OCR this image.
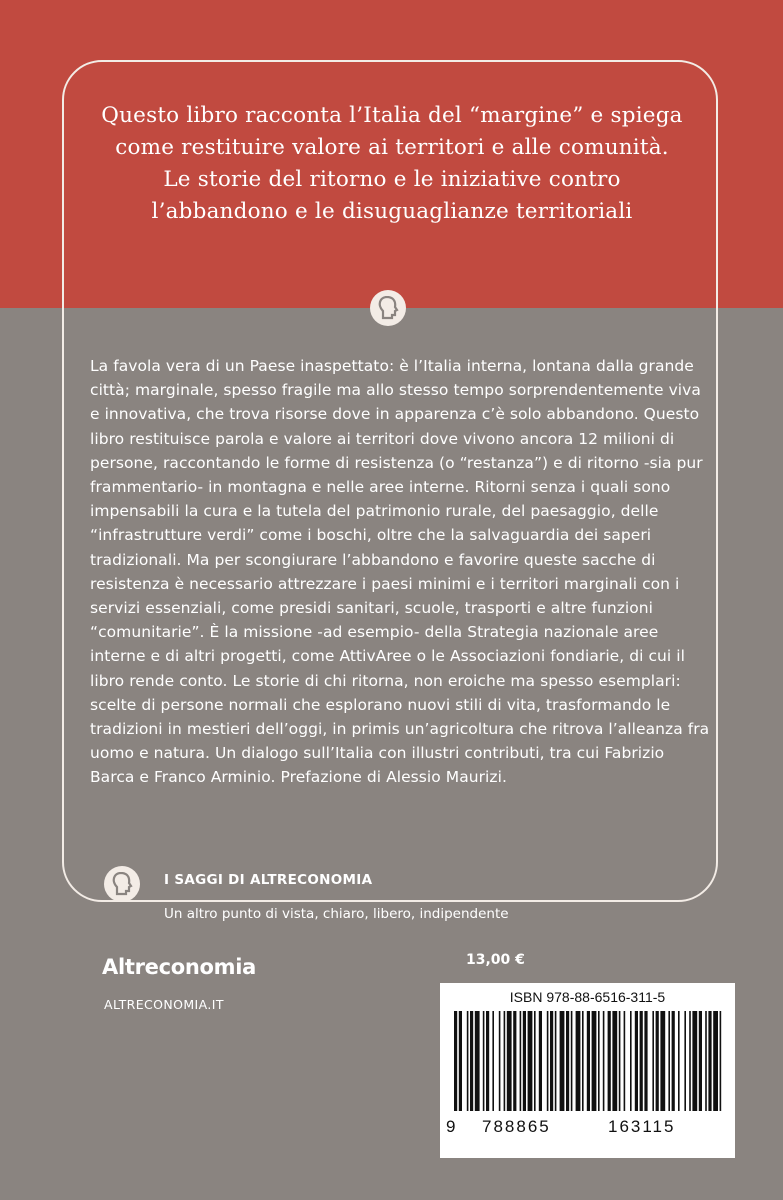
Questo libro racconta l’Italia del “margine” e spiega come restituire valore ai territori e alle comunità. Le storie del ritorno e le iniziative contro l’abbandono e le disuguaglianze territoriali
La favola vera di un Paese inaspettato: è l’Italia interna, lontana dalla grande città; marginale, spesso fragile ma allo stesso tempo sorprendentemente viva e innovativa, che trova risorse dove in apparenza c’è solo abbandono. Questo libro restituisce parola e valore ai territori dove vivono ancora 12 milioni di persone, raccontando le forme di resistenza (o “restanza”) e di ritorno -sia pur frammentario- in montagna e nelle aree interne. Ritorni senza i quali sono impensabili la cura e la tutela del patrimonio rurale, del paesaggio, delle “infrastrutture verdi” come i boschi, oltre che la salvaguardia dei saperi tradizionali. Ma per scongiurare l’abbandono e favorire queste sacche di resistenza è necessario attrezzare i paesi minimi e i territori marginali con i servizi essenziali, come presidi sanitari, scuole, trasporti e altre funzioni “comunitarie”. È la missione -ad esempio- della Strategia nazionale aree interne e di altri progetti, come AttivAree o le Associazioni fondiarie, di cui il libro rende conto. Le storie di chi ritorna, non eroiche ma spesso esemplari: scelte di persone normali che esplorano nuovi stili di vita, trasformando le tradizioni in mestieri dell’oggi, in primis un’agricoltura che ritrova l’alleanza fra uomo e natura. Un dialogo sull’Italia con illustri contributi, tra cui Fabrizio Barca e Franco Arminio. Prefazione di Alessio Maurizi.
I SAGGI DI ALTRECONOMIA
Un altro punto di vista, chiaro, libero, indipendente
Altreconomia
ALTRECONOMIA.IT
13,00 €
ISBN 978-88-6516-311-5
9 788865	163115
